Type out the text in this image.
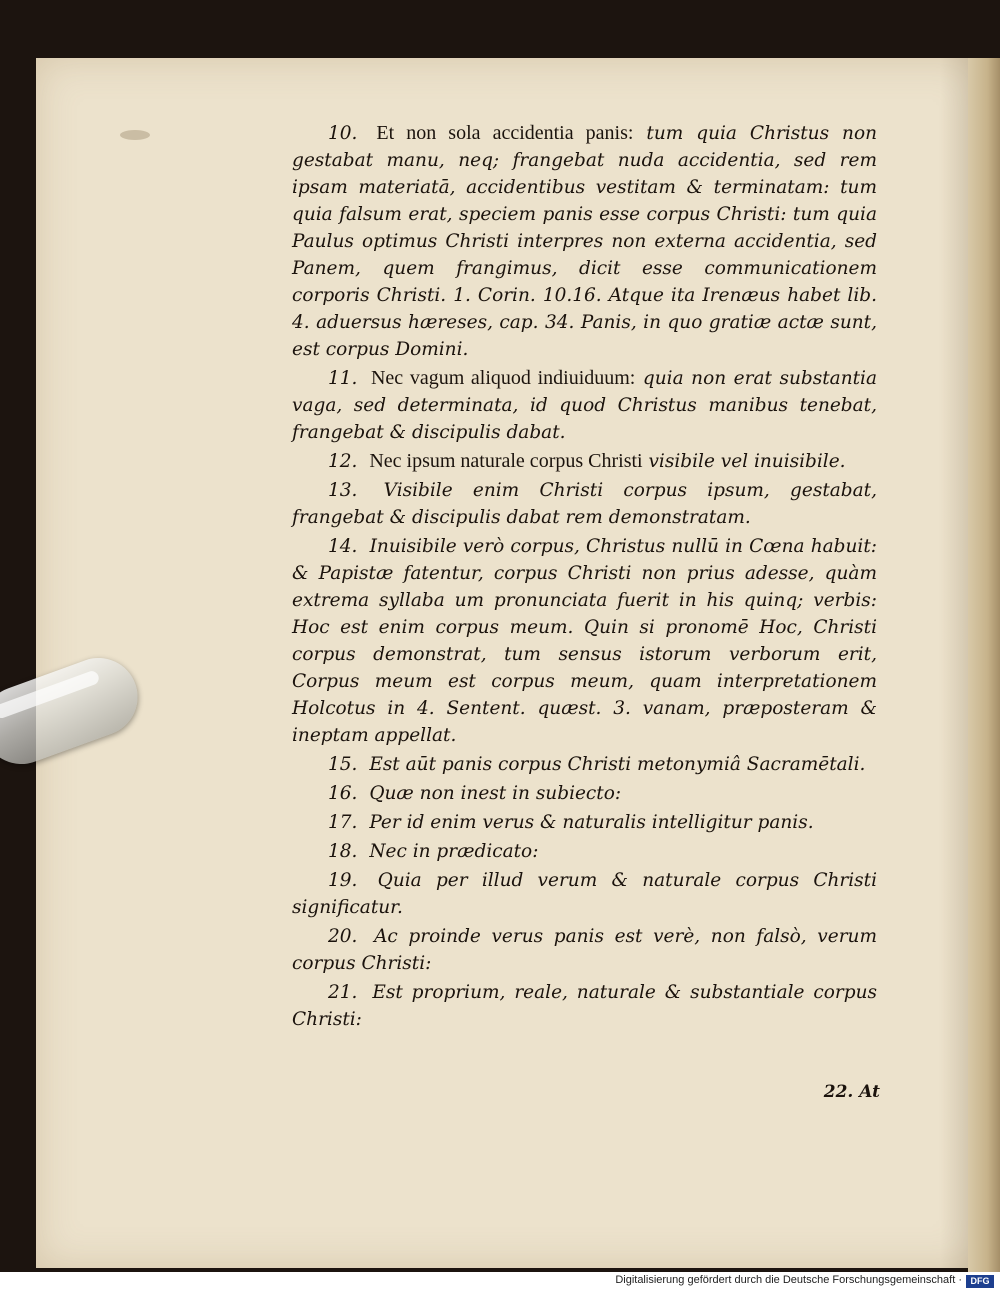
10. Et non sola accidentia panis: tum quia Christus non gestabat manu, neq; frangebat nuda accidentia, sed rem ipsam materiatā, accidentibus vestitam & terminatam: tum quia falsum erat, speciem panis esse corpus Christi: tum quia Paulus optimus Christi interpres non externa accidentia, sed Panem, quem frangimus, dicit esse communicationem corporis Christi. 1. Corin. 10.16. Atque ita Irenæus habet lib. 4. aduersus hæreses, cap. 34. Panis, in quo gratiæ actæ sunt, est corpus Domini.

11. Nec vagum aliquod indiuiduum: quia non erat substantia vaga, sed determinata, id quod Christus manibus tenebat, frangebat & discipulis dabat.

12. Nec ipsum naturale corpus Christi visibile vel inuisibile.

13. Visibile enim Christi corpus ipsum, gestabat, frangebat & discipulis dabat rem demonstratam.

14. Inuisibile verò corpus, Christus nullū in Cœna habuit: & Papistæ fatentur, corpus Christi non prius adesse, quàm extrema syllaba um pronunciata fuerit in his quinq; verbis: Hoc est enim corpus meum. Quin si pronomē Hoc, Christi corpus demonstrat, tum sensus istorum verborum erit, Corpus meum est corpus meum, quam interpretationem Holcotus in 4. Sentent. quæst. 3. vanam, præposteram & ineptam appellat.

15. Est aūt panis corpus Christi metonymiâ Sacramētali.

16. Quæ non inest in subiecto:

17. Per id enim verus & naturalis intelligitur panis.

18. Nec in prædicato:

19. Quia per illud verum & naturale corpus Christi significatur.

20. Ac proinde verus panis est verè, non falsò, verum corpus Christi:

21. Est proprium, reale, naturale & substantiale corpus Christi:

22. At
Digitalisierung gefördert durch die Deutsche Forschungsgemeinschaft · DFG
